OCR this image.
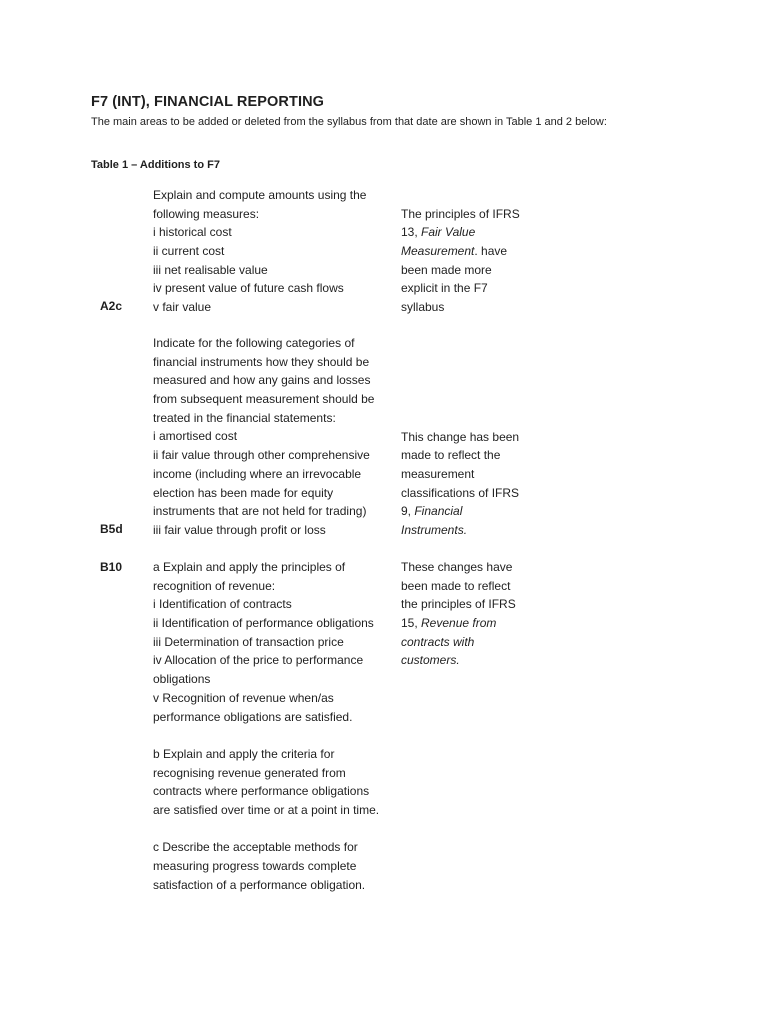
F7 (INT), FINANCIAL REPORTING
The main areas to be added or deleted from the syllabus from that date are shown in Table 1 and 2 below:
Table 1 – Additions to F7
A2c
Explain and compute amounts using the
following measures:
i historical cost
ii current cost
iii net realisable value
iv present value of future cash flows
v fair value
The principles of IFRS
13, Fair Value
Measurement. have
been made more
explicit in the F7
syllabus
B5d
Indicate for the following categories of
financial instruments how they should be
measured and how any gains and losses
from subsequent measurement should be
treated in the financial statements:
i amortised cost
ii fair value through other comprehensive
income (including where an irrevocable
election has been made for equity
instruments that are not held for trading)
iii fair value through profit or loss
This change has been
made to reflect the
measurement
classifications of IFRS
9, Financial
Instruments.
B10	a Explain and apply the principles of
recognition of revenue:
i Identification of contracts
ii Identification of performance obligations
iii Determination of transaction price
iv Allocation of the price to performance
obligations
v Recognition of revenue when/as
performance obligations are satisfied.
b Explain and apply the criteria for
recognising revenue generated from
contracts where performance obligations
are satisfied over time or at a point in time.
c Describe the acceptable methods for
measuring progress towards complete
satisfaction of a performance obligation.
These changes have
been made to reflect
the principles of IFRS
15, Revenue from
contracts with
customers.
